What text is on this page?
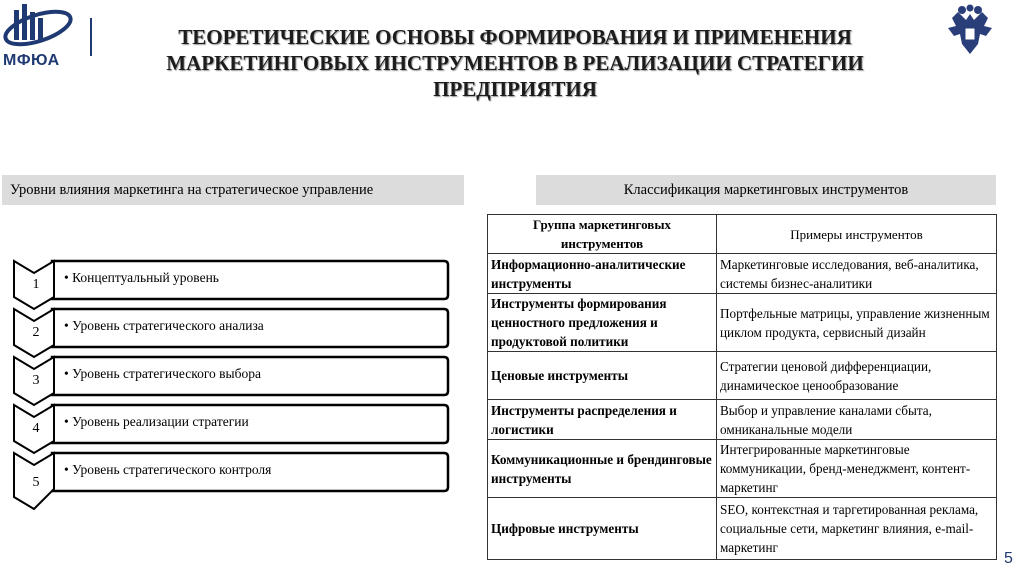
МФЮА
ТЕОРЕТИЧЕСКИЕ ОСНОВЫ ФОРМИРОВАНИЯ И ПРИМЕНЕНИЯ
МАРКЕТИНГОВЫХ ИНСТРУМЕНТОВ В РЕАЛИЗАЦИИ СТРАТЕГИИ
ПРЕДПРИЯТИЯ
Уровни влияния маркетинга на стратегическое управление
1	• Концептуальный уровень
2	• Уровень стратегического анализа
3	• Уровень стратегического выбора
4	• Уровень реализации стратегии
5
• Уровень стратегического контроля
Классификация маркетинговых инструментов
Группа маркетинговых инструментов	Примеры инструментов
Информационно-аналитические инструменты	Маркетинговые исследования, веб-аналитика, системы бизнес-аналитики
Инструменты формирования ценностного предложения и продуктовой политики	Портфельные матрицы, управление жизненным циклом продукта, сервисный дизайн
Ценовые инструменты	Стратегии ценовой дифференциации, динамическое ценообразование
Инструменты распределения и логистики	Выбор и управление каналами сбыта, омниканальные модели
Коммуникационные и брендинговые инструменты	Интегрированные маркетинговые коммуникации, бренд-менеджмент, контент-маркетинг
Цифровые инструменты	SEO, контекстная и таргетированная реклама, социальные сети, маркетинг влияния, e-mail-маркетинг
5
